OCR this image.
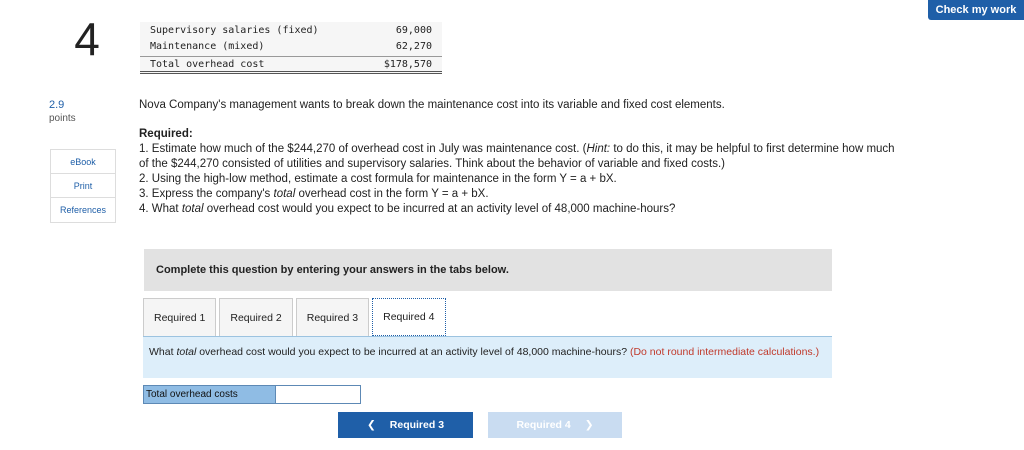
Check my work
4
2.9
points
eBook
Print
References
Supervisory salaries (fixed)	69,000
Maintenance (mixed)	62,270
Total overhead cost	$178,570
Nova Company's management wants to break down the maintenance cost into its variable and fixed cost elements.
Required:
1. Estimate how much of the $244,270 of overhead cost in July was maintenance cost. (Hint: to do this, it may be helpful to first determine how much of the $244,270 consisted of utilities and supervisory salaries. Think about the behavior of variable and fixed costs.)
2. Using the high-low method, estimate a cost formula for maintenance in the form Y = a + bX.
3. Express the company's total overhead cost in the form Y = a + bX.
4. What total overhead cost would you expect to be incurred at an activity level of 48,000 machine-hours?
Complete this question by entering your answers in the tabs below.
Required 1	Required 2	Required 3	Required 4
What total overhead cost would you expect to be incurred at an activity level of 48,000 machine-hours? (Do not round intermediate calculations.)
Total overhead costs
❮ Required 3	Required 4 ❯
